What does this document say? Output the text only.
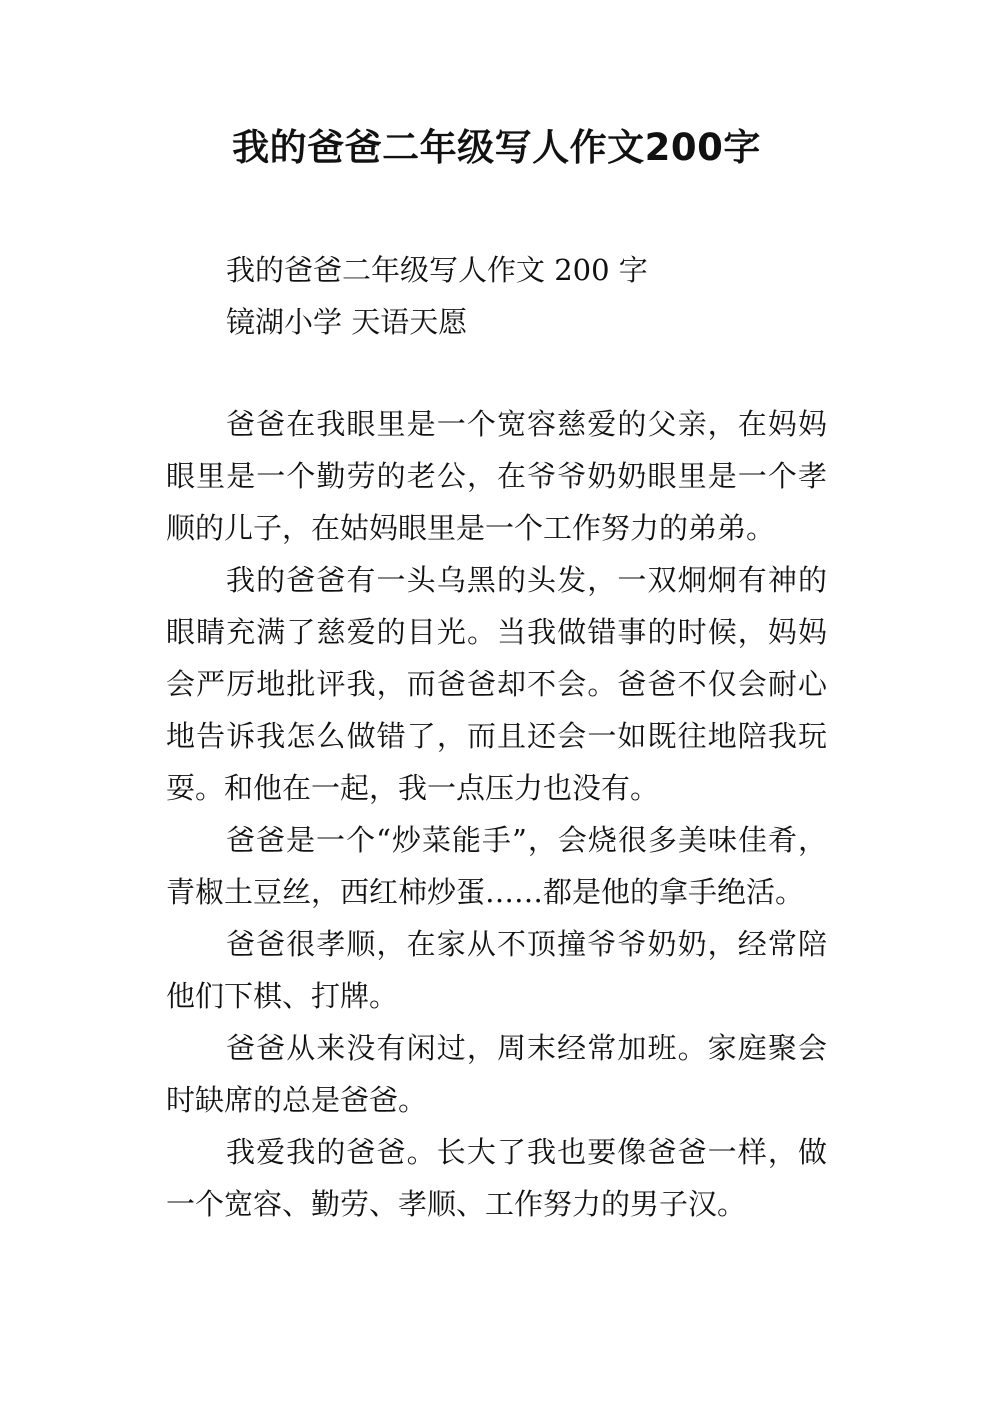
我的爸爸二年级写人作文200字
我的爸爸二年级写人作文 200 字
镜湖小学 天语天愿

爸爸在我眼里是一个宽容慈爱的父亲，在妈妈眼里是一个勤劳的老公，在爷爷奶奶眼里是一个孝顺的儿子，在姑妈眼里是一个工作努力的弟弟。

我的爸爸有一头乌黑的头发，一双炯炯有神的眼睛充满了慈爱的目光。当我做错事的时候，妈妈会严厉地批评我，而爸爸却不会。爸爸不仅会耐心地告诉我怎么做错了，而且还会一如既往地陪我玩耍。和他在一起，我一点压力也没有。

爸爸是一个“炒菜能手”，会烧很多美味佳肴，青椒土豆丝，西红柿炒蛋……都是他的拿手绝活。

爸爸很孝顺，在家从不顶撞爷爷奶奶，经常陪他们下棋、打牌。

爸爸从来没有闲过，周末经常加班。家庭聚会时缺席的总是爸爸。

我爱我的爸爸。长大了我也要像爸爸一样，做一个宽容、勤劳、孝顺、工作努力的男子汉。
